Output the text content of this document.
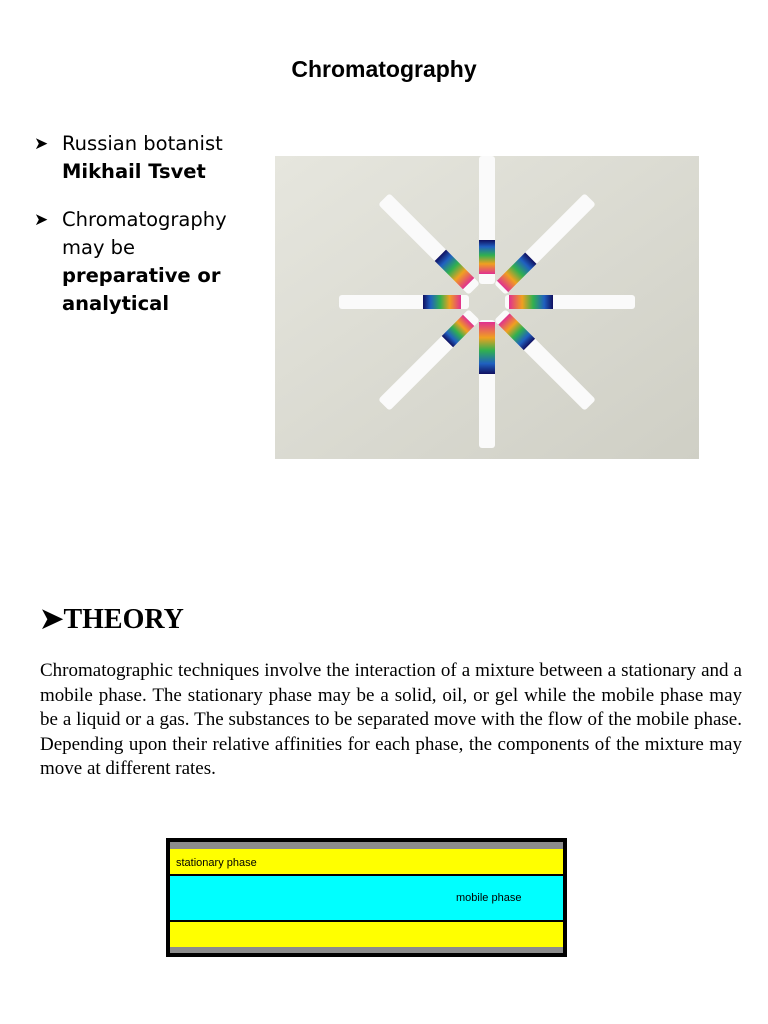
Chromatography
➤ Russian botanist
Mikhail Tsvet
➤ Chromatography may be
preparative or analytical
➤THEORY
Chromatographic techniques involve the interaction of a mixture between a stationary and a mobile phase. The stationary phase may be a solid, oil, or gel while the mobile phase may be a liquid or a gas. The substances to be separated move with the flow of the mobile phase. Depending upon their relative affinities for each phase, the components of the mixture may move at different rates.
stationary phase
mobile phase
